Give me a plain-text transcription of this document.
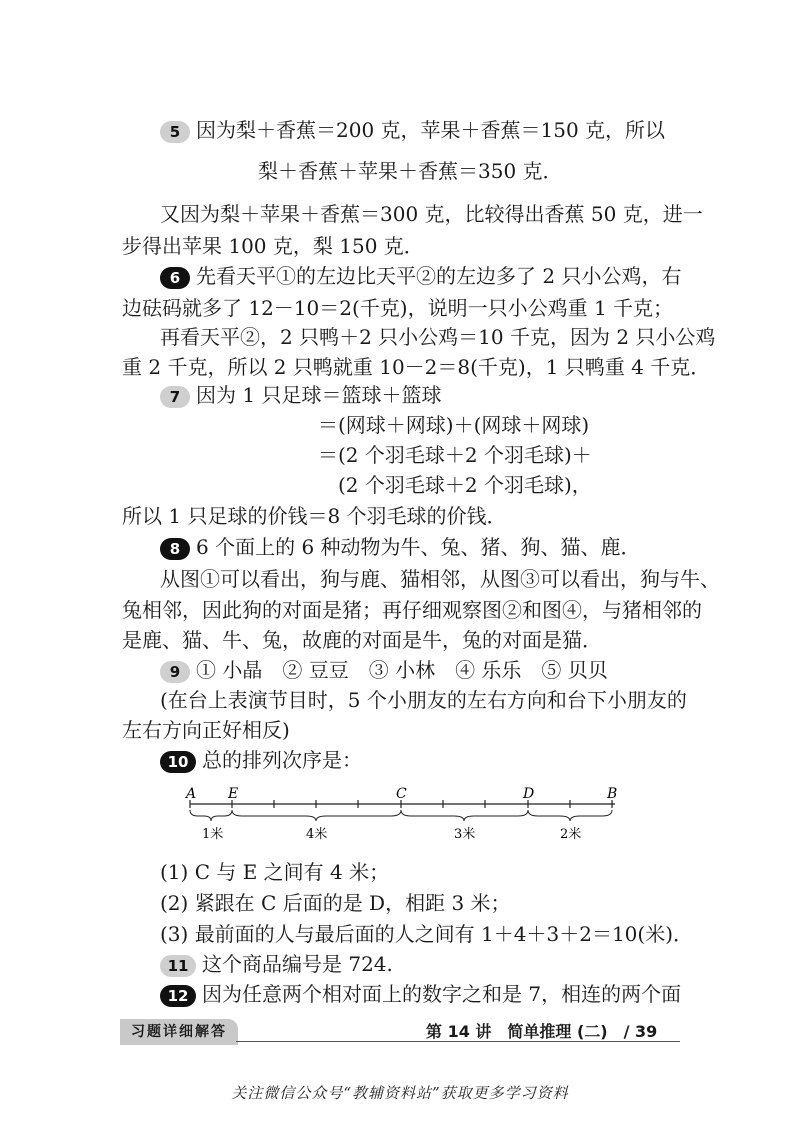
5 因为梨＋香蕉＝200 克，苹果＋香蕉＝150 克，所以
梨＋香蕉＋苹果＋香蕉＝350 克．
又因为梨＋苹果＋香蕉＝300 克，比较得出香蕉 50 克，进一
步得出苹果 100 克，梨 150 克．
6 先看天平①的左边比天平②的左边多了 2 只小公鸡，右
边砝码就多了 12－10＝2(千克)，说明一只小公鸡重 1 千克；
再看天平②，2 只鸭＋2 只小公鸡＝10 千克，因为 2 只小公鸡
重 2 千克，所以 2 只鸭就重 10－2＝8(千克)，1 只鸭重 4 千克．
7 因为 1 只足球＝篮球＋篮球
＝(网球＋网球)＋(网球＋网球)
＝(2 个羽毛球＋2 个羽毛球)＋
(2 个羽毛球＋2 个羽毛球)，
所以 1 只足球的价钱＝8 个羽毛球的价钱．
8 6 个面上的 6 种动物为牛、兔、猪、狗、猫、鹿．
从图①可以看出，狗与鹿、猫相邻，从图③可以看出，狗与牛、
兔相邻，因此狗的对面是猪；再仔细观察图②和图④，与猪相邻的
是鹿、猫、牛、兔，故鹿的对面是牛，兔的对面是猫．
9 ① 小晶　② 豆豆　③ 小林　④ 乐乐　⑤ 贝贝
(在台上表演节目时，5 个小朋友的左右方向和台下小朋友的
左右方向正好相反)
10 总的排列次序是：
A E	C	D	B
1米	4米	3米	2米
(1) C 与 E 之间有 4 米；
(2) 紧跟在 C 后面的是 D，相距 3 米；
(3) 最前面的人与最后面的人之间有 1＋4＋3＋2＝10(米)．
11 这个商品编号是 724.
12 因为任意两个相对面上的数字之和是 7，相连的两个面
习题详细解答	第 14 讲　简单推理 (二)　/ 39
关注微信公众号“教辅资料站”获取更多学习资料
